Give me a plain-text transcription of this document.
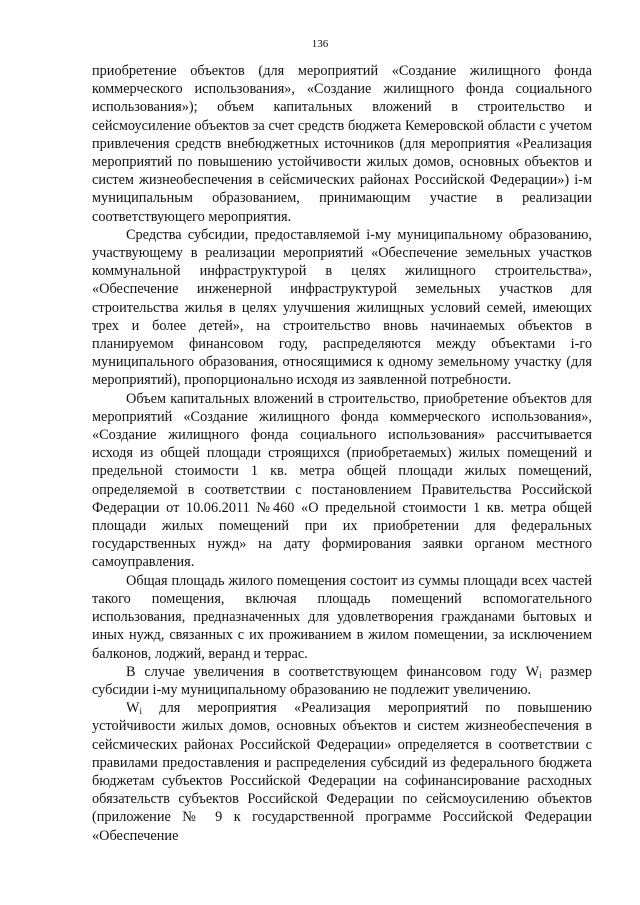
136

приобретение объектов (для мероприятий «Создание жилищного фонда коммерческого использования», «Создание жилищного фонда социального использования»); объем капитальных вложений в строительство и сейсмоусиление объектов за счет средств бюджета Кемеровской области с учетом привлечения средств внебюджетных источников (для мероприятия «Реализация мероприятий по повышению устойчивости жилых домов, основных объектов и систем жизнеобеспечения в сейсмических районах Российской Федерации») i-м муниципальным образованием, принимающим участие в реализации соответствующего мероприятия.

Средства субсидии, предоставляемой i-му муниципальному образованию, участвующему в реализации мероприятий «Обеспечение земельных участков коммунальной инфраструктурой в целях жилищного строительства», «Обеспечение инженерной инфраструктурой земельных участков для строительства жилья в целях улучшения жилищных условий семей, имеющих трех и более детей», на строительство вновь начинаемых объектов в планируемом финансовом году, распределяются между объектами i-го муниципального образования, относящимися к одному земельному участку (для мероприятий), пропорционально исходя из заявленной потребности.

Объем капитальных вложений в строительство, приобретение объектов для мероприятий «Создание жилищного фонда коммерческого использования», «Создание жилищного фонда социального использования» рассчитывается исходя из общей площади строящихся (приобретаемых) жилых помещений и предельной стоимости 1 кв. метра общей площади жилых помещений, определяемой в соответствии с постановлением Правительства Российской Федерации от 10.06.2011 №460 «О предельной стоимости 1 кв. метра общей площади жилых помещений при их приобретении для федеральных государственных нужд» на дату формирования заявки органом местного самоуправления.

Общая площадь жилого помещения состоит из суммы площади всех частей такого помещения, включая площадь помещений вспомогательного использования, предназначенных для удовлетворения гражданами бытовых и иных нужд, связанных с их проживанием в жилом помещении, за исключением балконов, лоджий, веранд и террас.

В случае увеличения в соответствующем финансовом году $W_i$ размер субсидии i-му муниципальному образованию не подлежит увеличению.

$W_i$ для мероприятия «Реализация мероприятий по повышению устойчивости жилых домов, основных объектов и систем жизнеобеспечения в сейсмических районах Российской Федерации» определяется в соответствии с правилами предоставления и распределения субсидий из федерального бюджета бюджетам субъектов Российской Федерации на софинансирование расходных обязательств субъектов Российской Федерации по сейсмоусилению объектов (приложение № 9 к государственной программе Российской Федерации «Обеспечение
